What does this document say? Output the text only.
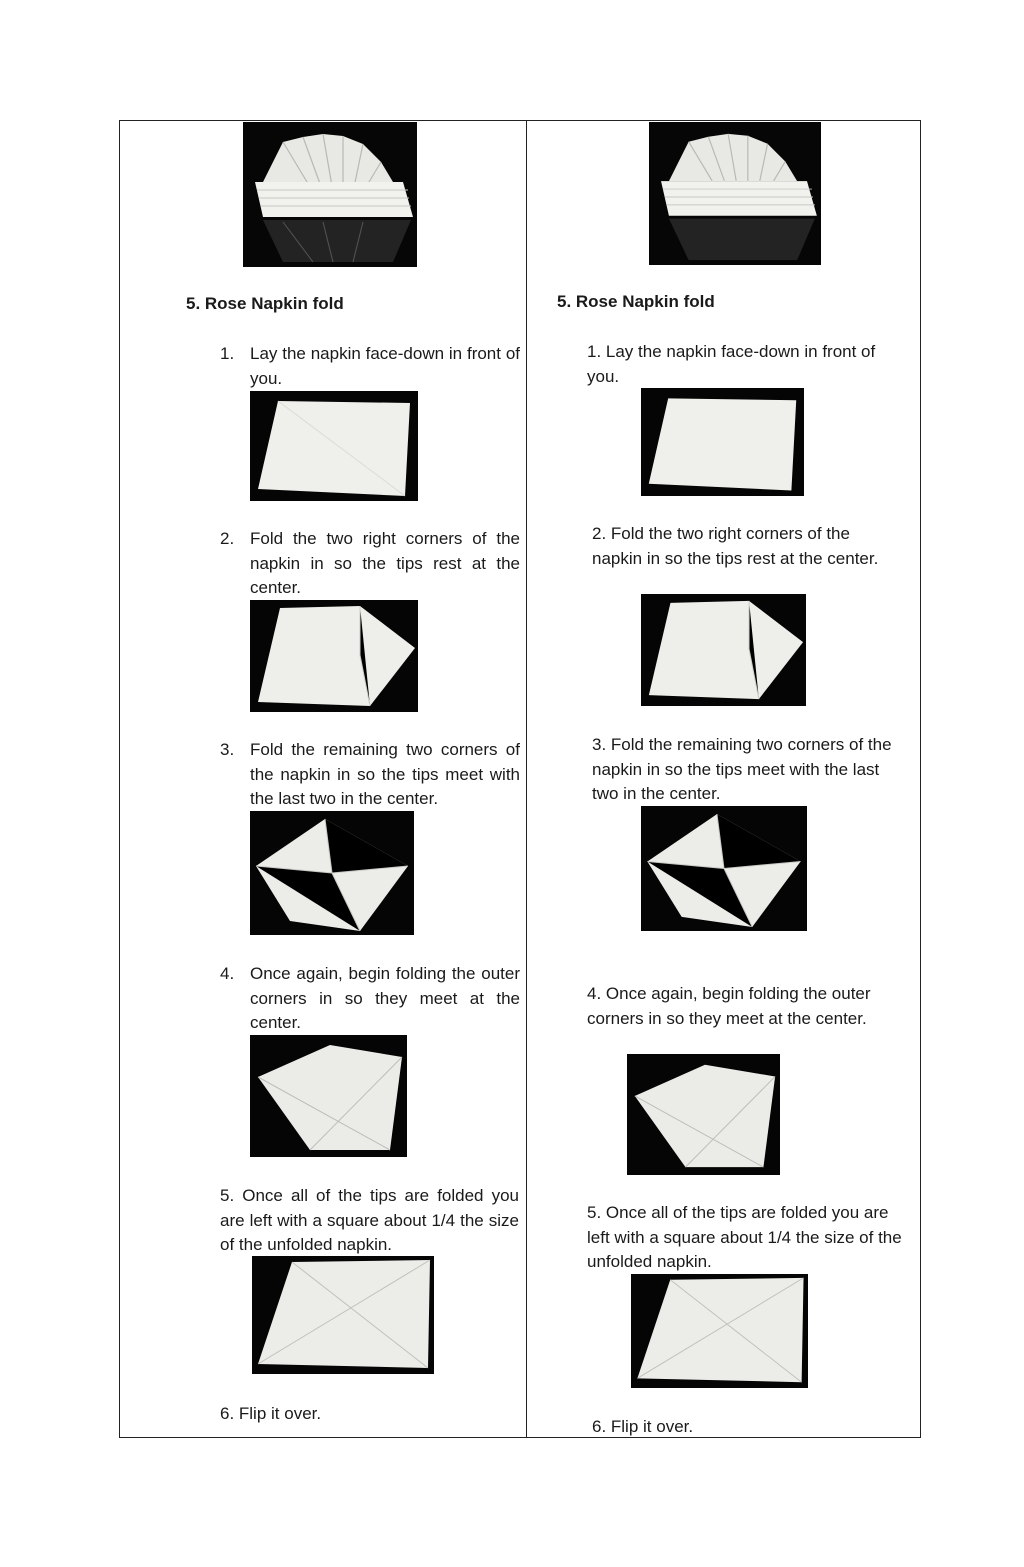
5. Rose Napkin fold
1. Lay the napkin face-down in front of you.
2. Fold the two right corners of the napkin in so the tips rest at the center.
3. Fold the remaining two corners of the napkin in so the tips meet with the last two in the center.
4. Once again, begin folding the outer corners in so they meet at the center.
5. Once all of the tips are folded you are left with a square about 1/4 the size of the unfolded napkin.
6. Flip it over.
5. Rose Napkin fold
1. Lay the napkin face-down in front of you.
2. Fold the two right corners of the napkin in so the tips rest at the center.
3. Fold the remaining two corners of the napkin in so the tips meet with the last two in the center.
4. Once again, begin folding the outer corners in so they meet at the center.
5. Once all of the tips are folded you are left with a square about 1/4 the size of the unfolded napkin.
6. Flip it over.
